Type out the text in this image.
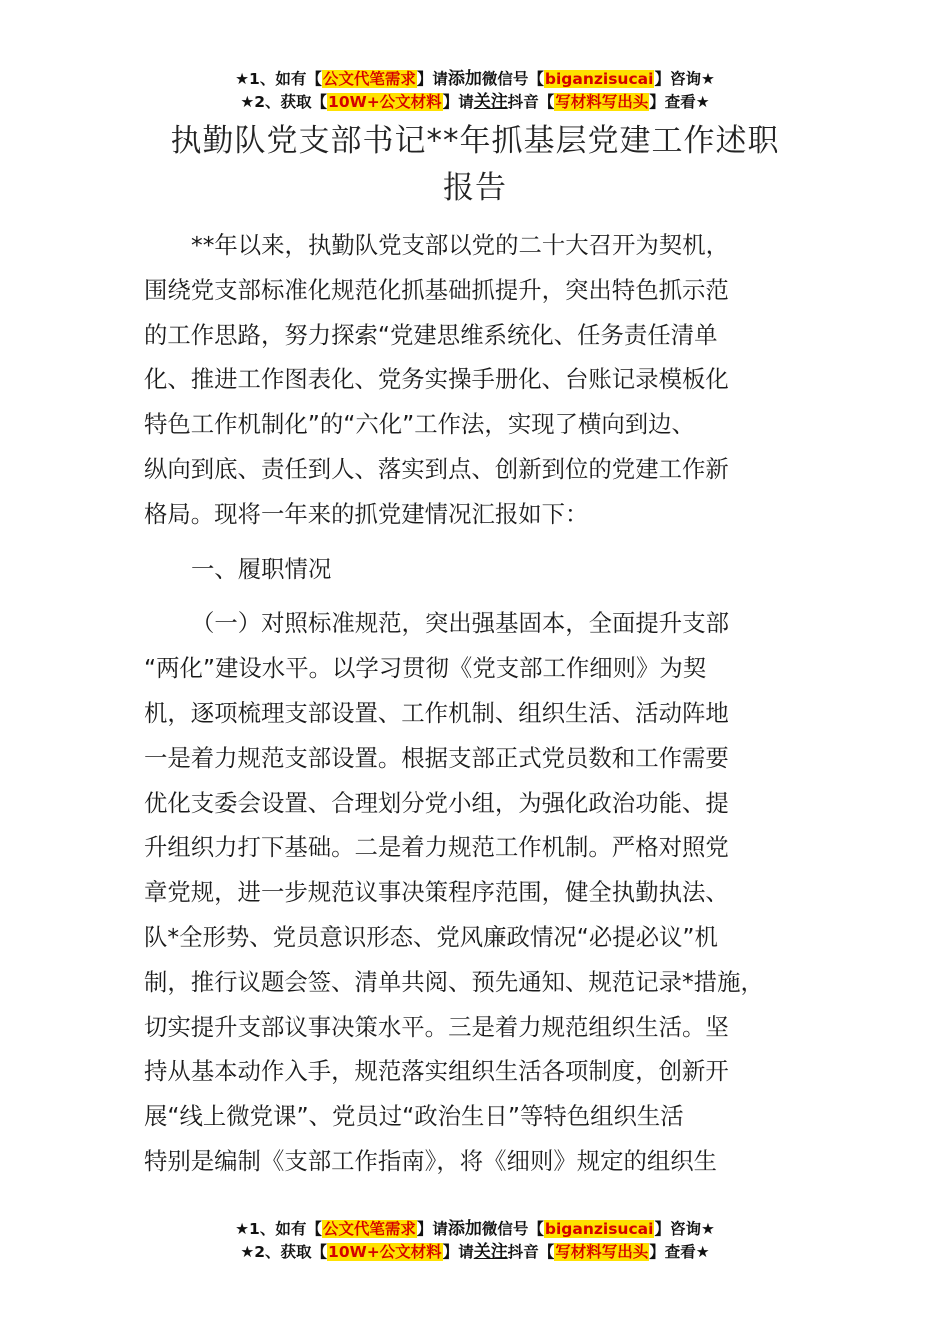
★1、如有【公文代笔需求】请添加微信号【biganzisucai】咨询★
★2、获取【10W+公文材料】请关注抖音【写材料写出头】查看★
执勤队党支部书记**年抓基层党建工作述职
报告

**年以来，执勤队党支部以党的二十大召开为契机，

围绕党支部标准化规范化抓基础抓提升，突出特色抓示范

的工作思路，努力探索“党建思维系统化、任务责任清单

化、推进工作图表化、党务实操手册化、台账记录模板化

特色工作机制化”的“六化”工作法，实现了横向到边、

纵向到底、责任到人、落实到点、创新到位的党建工作新

格局。现将一年来的抓党建情况汇报如下：

一、履职情况

（一）对照标准规范，突出强基固本，全面提升支部

“两化”建设水平。以学习贯彻《党支部工作细则》为契

机，逐项梳理支部设置、工作机制、组织生活、活动阵地

一是着力规范支部设置。根据支部正式党员数和工作需要

优化支委会设置、合理划分党小组，为强化政治功能、提

升组织力打下基础。二是着力规范工作机制。严格对照党

章党规，进一步规范议事决策程序范围，健全执勤执法、

队*全形势、党员意识形态、党风廉政情况“必提必议”机

制，推行议题会签、清单共阅、预先通知、规范记录*措施，

切实提升支部议事决策水平。三是着力规范组织生活。坚

持从基本动作入手，规范落实组织生活各项制度，创新开

展“线上微党课”、党员过“政治生日”等特色组织生活

特别是编制《支部工作指南》，将《细则》规定的组织生

★1、如有【公文代笔需求】请添加微信号【biganzisucai】咨询★
★2、获取【10W+公文材料】请关注抖音【写材料写出头】查看★
